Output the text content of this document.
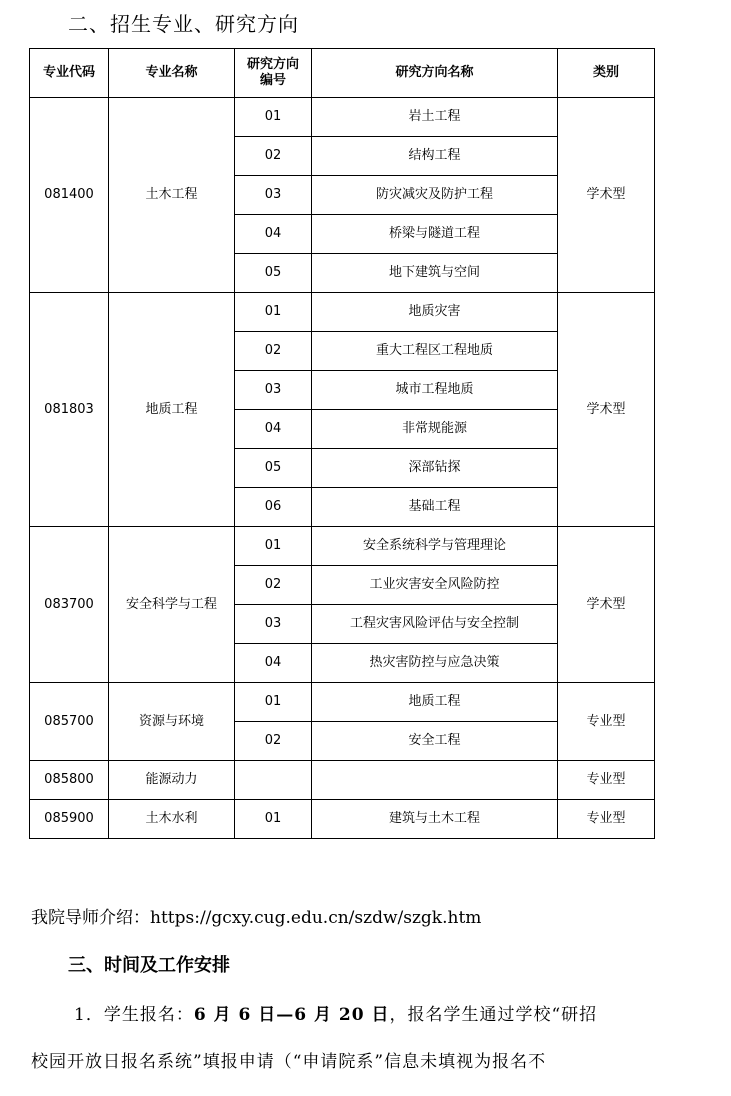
二、招生专业、研究方向
专业代码	专业名称	研究方向编号	研究方向名称	类别
081400	土木工程	01	岩土工程	学术型
		02	结构工程	
		03	防灾减灾及防护工程	
		04	桥梁与隧道工程	
		05	地下建筑与空间	
081803	地质工程	01	地质灾害	学术型
		02	重大工程区工程地质	
		03	城市工程地质	
		04	非常规能源	
		05	深部钻探	
		06	基础工程	
083700	安全科学与工程	01	安全系统科学与管理理论	学术型
		02	工业灾害安全风险防控	
		03	工程灾害风险评估与安全控制	
		04	热灾害防控与应急决策	
085700	资源与环境	01	地质工程	专业型
		02	安全工程	
085800	能源动力			专业型
085900	土木水利	01	建筑与土木工程	专业型
我院导师介绍：https://gcxy.cug.edu.cn/szdw/szgk.htm
三、时间及工作安排
1．学生报名：6 月 6 日—6 月 20 日，报名学生通过学校“研招
校园开放日报名系统”填报申请（“申请院系”信息未填视为报名不
